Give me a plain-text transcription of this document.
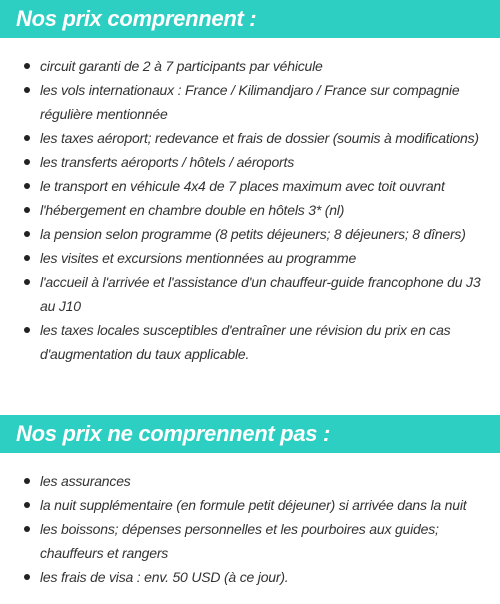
Nos prix comprennent :
circuit garanti de 2 à 7 participants par véhicule
les vols internationaux : France / Kilimandjaro / France sur compagnie régulière mentionnée
les taxes aéroport; redevance et frais de dossier (soumis à modifications)
les transferts aéroports / hôtels / aéroports
le transport en véhicule 4x4 de 7 places maximum avec toit ouvrant
l'hébergement en chambre double en hôtels 3* (nl)
la pension selon programme (8 petits déjeuners; 8 déjeuners; 8 dîners)
les visites et excursions mentionnées au programme
l'accueil à l'arrivée et l'assistance d'un chauffeur-guide francophone du J3 au J10
les taxes locales susceptibles d'entraîner une révision du prix en cas d'augmentation du taux applicable.
Nos prix ne comprennent pas :
les assurances
la nuit supplémentaire (en formule petit déjeuner) si arrivée dans la nuit
les boissons; dépenses personnelles et les pourboires aux guides; chauffeurs et rangers
les frais de visa : env. 50 USD (à ce jour).
